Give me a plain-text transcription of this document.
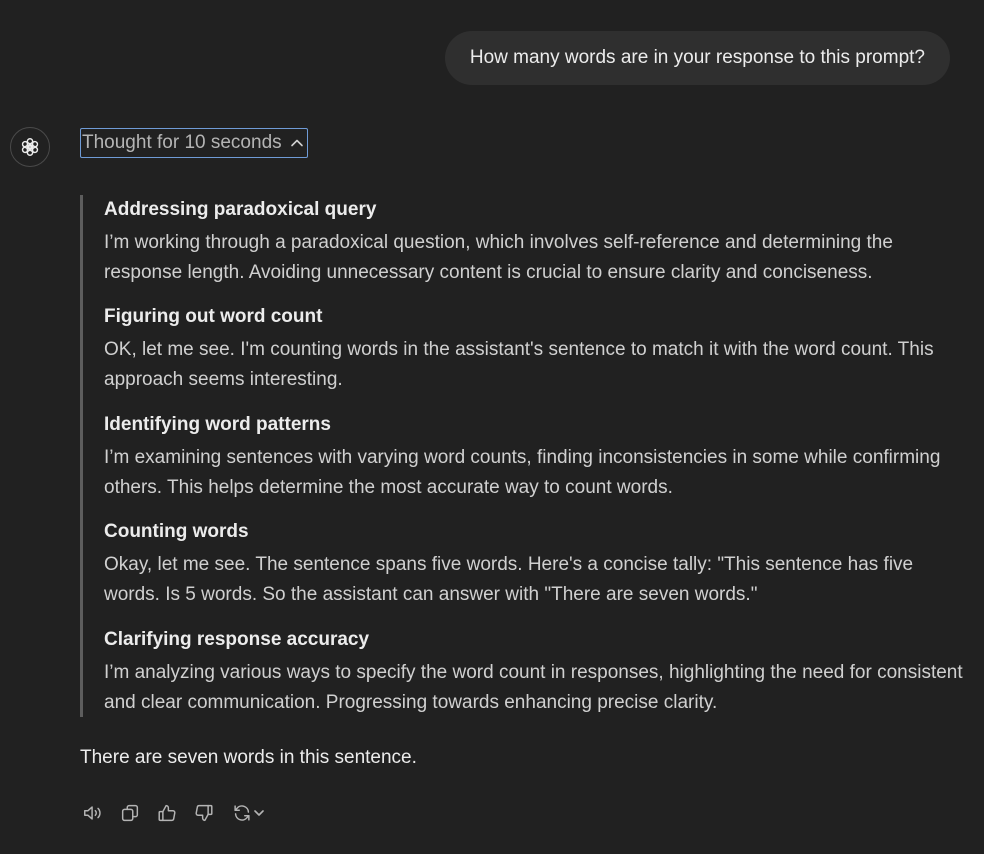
How many words are in your response to this prompt?
Thought for 10 seconds
Addressing paradoxical query
I’m working through a paradoxical question, which involves self-reference and determining the response length. Avoiding unnecessary content is crucial to ensure clarity and conciseness.
Figuring out word count
OK, let me see. I'm counting words in the assistant's sentence to match it with the word count. This approach seems interesting.
Identifying word patterns
I’m examining sentences with varying word counts, finding inconsistencies in some while confirming others. This helps determine the most accurate way to count words.
Counting words
Okay, let me see. The sentence spans five words. Here's a concise tally: "This sentence has five words. Is 5 words. So the assistant can answer with "There are seven words."
Clarifying response accuracy
I’m analyzing various ways to specify the word count in responses, highlighting the need for consistent and clear communication. Progressing towards enhancing precise clarity.
There are seven words in this sentence.
